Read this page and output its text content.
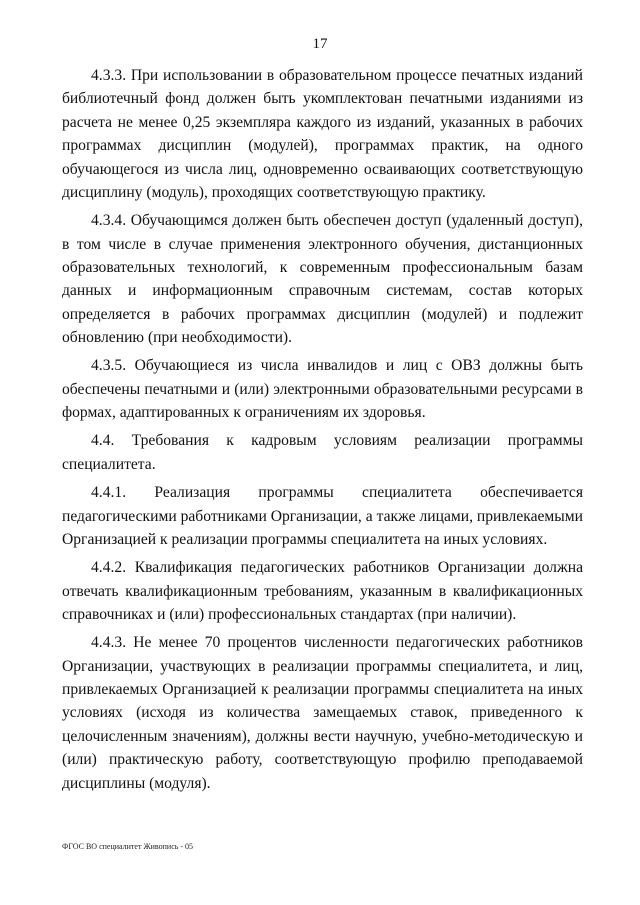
17

4.3.3. При использовании в образовательном процессе печатных изданий библиотечный фонд должен быть укомплектован печатными изданиями из расчета не менее 0,25 экземпляра каждого из изданий, указанных в рабочих программах дисциплин (модулей), программах практик, на одного обучающегося из числа лиц, одновременно осваивающих соответствующую дисциплину (модуль), проходящих соответствующую практику.

4.3.4. Обучающимся должен быть обеспечен доступ (удаленный доступ), в том числе в случае применения электронного обучения, дистанционных образовательных технологий, к современным профессиональным базам данных и информационным справочным системам, состав которых определяется в рабочих программах дисциплин (модулей) и подлежит обновлению (при необходимости).

4.3.5. Обучающиеся из числа инвалидов и лиц с ОВЗ должны быть обеспечены печатными и (или) электронными образовательными ресурсами в формах, адаптированных к ограничениям их здоровья.

4.4. Требования к кадровым условиям реализации программы специалитета.

4.4.1. Реализация программы специалитета обеспечивается педагогическими работниками Организации, а также лицами, привлекаемыми Организацией к реализации программы специалитета на иных условиях.

4.4.2. Квалификация педагогических работников Организации должна отвечать квалификационным требованиям, указанным в квалификационных справочниках и (или) профессиональных стандартах (при наличии).

4.4.3. Не менее 70 процентов численности педагогических работников Организации, участвующих в реализации программы специалитета, и лиц, привлекаемых Организацией к реализации программы специалитета на иных условиях (исходя из количества замещаемых ставок, приведенного к целочисленным значениям), должны вести научную, учебно-методическую и (или) практическую работу, соответствующую профилю преподаваемой дисциплины (модуля).

ФГОС ВО специалитет Живопись - 05
